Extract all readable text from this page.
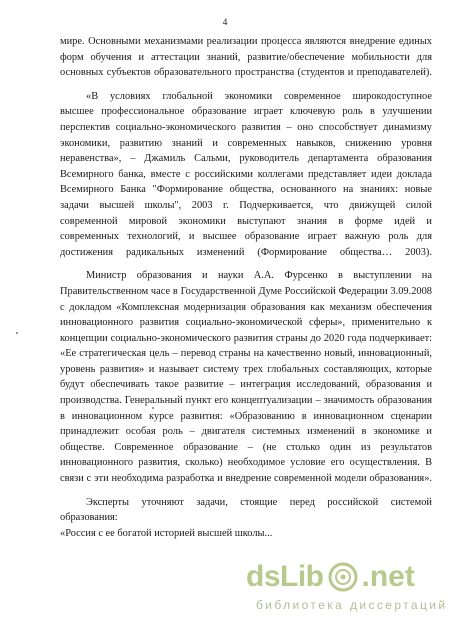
4

мире. Основными механизмами реализации процесса являются внедрение единых

форм обучения и аттестации знаний, развитие/обеспечение мобильности для

основных субъектов образовательного пространства (студентов и преподавателей).

«В условиях глобальной экономики современное широкодоступное

высшее профессиональное образование играет ключевую роль в улучшении

перспектив социально-экономического развития – оно способствует динамизму

экономики, развитию знаний и современных навыков, снижению уровня

неравенства», – Джамиль Сальми, руководитель департамента образования

Всемирного банка, вместе с российскими коллегами представляет идеи доклада

Всемирного Банка "Формирование общества, основанного на знаниях: новые

задачи высшей школы", 2003 г. Подчеркивается, что движущей силой

современной мировой экономики выступают знания в форме идей и

современных технологий, и высшее образование играет важную роль для

достижения радикальных изменений (Формирование общества… 2003).

Министр образования и науки А.А. Фурсенко в выступлении на

Правительственном часе в Государственной Думе Российской Федерации 3.09.2008

с докладом «Комплексная модернизация образования как механизм обеспечения

инновационного развития социально-экономической сферы», применительно к

концепции социально-экономического развития страны до 2020 года подчеркивает:

«Ее стратегическая цель – перевод страны на качественно новый, инновационный,

уровень развития» и называет систему трех глобальных составляющих, которые

будут обеспечивать такое развитие – интеграция исследований, образования и

производства. Генеральный пункт его концептуализации – значимость образования

в инновационном курсе развития: «Образованию в инновационном сценарии

принадлежит особая роль – двигателя системных изменений в экономике и

обществе. Современное образование – (не столько один из результатов

инновационного развития, сколько) необходимое условие его осуществления. В

связи с эти необходима разработка и внедрение современной модели образования».

Эксперты уточняют задачи, стоящие перед российской системой образования:

«Россия с ее богатой историей высшей школы...

dsLib .net
библиотека диссертаций
